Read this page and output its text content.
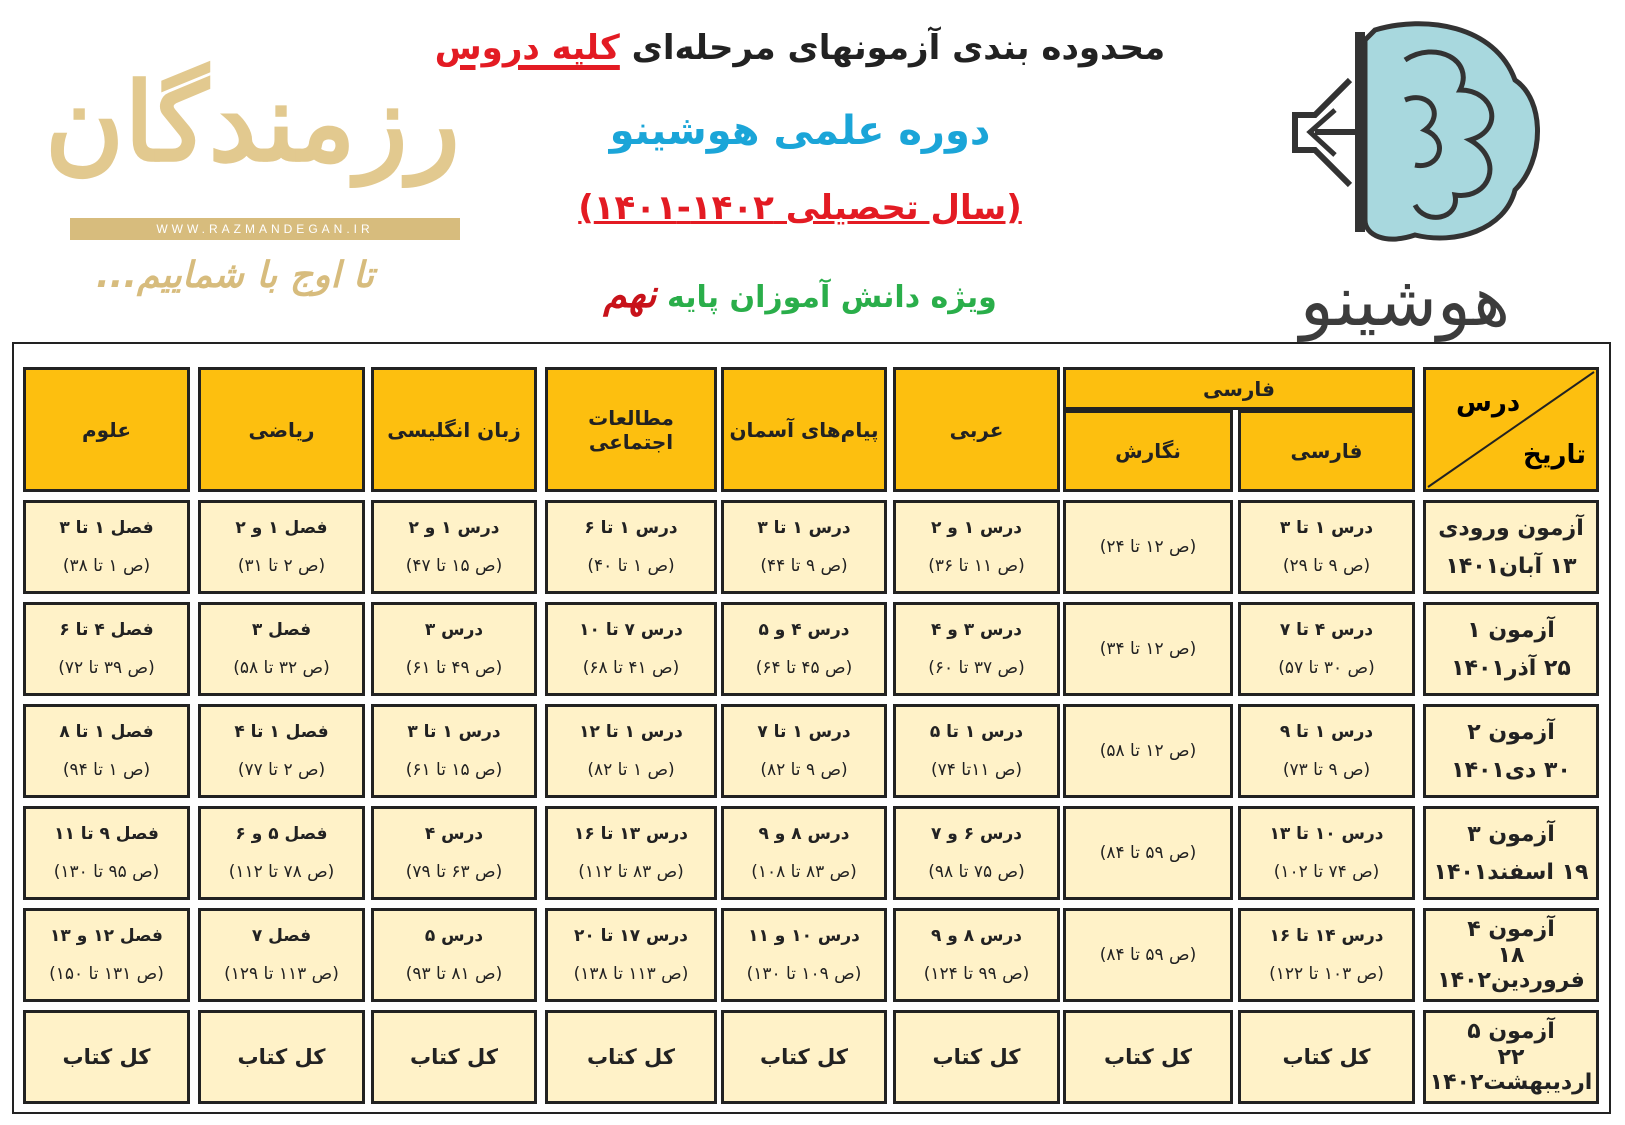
محدوده بندی آزمونهای مرحله‌ای کلیه دروس
دوره علمی هوشینو
(سال تحصیلی ۱۴۰۲-۱۴۰۱)
ویژه دانش آموزان پایه نهم
رزمندگان
WWW.RAZMANDEGAN.IR
تا اوج با شماییم...	هوشینو
درس
تاریخ
فارسی
فارسی
نگارش
عربی
پیام‌های آسمان
مطالعات اجتماعی
زبان انگلیسی
ریاضی
علوم
آزمون ورودی
۱۳ آبان۱۴۰۱
درس ۱ تا ۳
(ص ۹ تا ۲۹)
(ص ۱۲ تا ۲۴)
درس ۱ و ۲
(ص ۱۱ تا ۳۶)
درس ۱ تا ۳
(ص ۹ تا ۴۴)
درس ۱ تا ۶
(ص ۱ تا ۴۰)
درس ۱ و ۲
(ص ۱۵ تا ۴۷)
فصل ۱ و ۲
(ص ۲ تا ۳۱)
فصل ۱ تا ۳
(ص ۱ تا ۳۸)
آزمون ۱
۲۵ آذر۱۴۰۱
درس ۴ تا ۷
(ص ۳۰ تا ۵۷)
(ص ۱۲ تا ۳۴)
درس ۳ و ۴
(ص ۳۷ تا ۶۰)
درس ۴ و ۵
(ص ۴۵ تا ۶۴)
درس ۷ تا ۱۰
(ص ۴۱ تا ۶۸)
درس ۳
(ص ۴۹ تا ۶۱)
فصل ۳
(ص ۳۲ تا ۵۸)
فصل ۴ تا ۶
(ص ۳۹ تا ۷۲)
آزمون ۲
۳۰ دی۱۴۰۱
درس ۱ تا ۹
(ص ۹ تا ۷۳)
(ص ۱۲ تا ۵۸)
درس ۱ تا ۵
(ص ۱۱تا ۷۴)
درس ۱ تا ۷
(ص ۹ تا ۸۲)
درس ۱ تا ۱۲
(ص ۱ تا ۸۲)
درس ۱ تا ۳
(ص ۱۵ تا ۶۱)
فصل ۱ تا ۴
(ص ۲ تا ۷۷)
فصل ۱ تا ۸
(ص ۱ تا ۹۴)
آزمون ۳
۱۹ اسفند۱۴۰۱
درس ۱۰ تا ۱۳
(ص ۷۴ تا ۱۰۲)
(ص ۵۹ تا ۸۴)
درس ۶ و ۷
(ص ۷۵ تا ۹۸)
درس ۸ و ۹
(ص ۸۳ تا ۱۰۸)
درس ۱۳ تا ۱۶
(ص ۸۳ تا ۱۱۲)
درس ۴
(ص ۶۳ تا ۷۹)
فصل ۵ و ۶
(ص ۷۸ تا ۱۱۲)
فصل ۹ تا ۱۱
(ص ۹۵ تا ۱۳۰)
آزمون ۴
۱۸ فروردین۱۴۰۲
درس ۱۴ تا ۱۶
(ص ۱۰۳ تا ۱۲۲)
(ص ۵۹ تا ۸۴)
درس ۸ و ۹
(ص ۹۹ تا ۱۲۴)
درس ۱۰ و ۱۱
(ص ۱۰۹ تا ۱۳۰)
درس ۱۷ تا ۲۰
(ص ۱۱۳ تا ۱۳۸)
درس ۵
(ص ۸۱ تا ۹۳)
فصل ۷
(ص ۱۱۳ تا ۱۲۹)
فصل ۱۲ و ۱۳
(ص ۱۳۱ تا ۱۵۰)
آزمون ۵
۲۲ اردیبهشت۱۴۰۲
کل کتاب
کل کتاب
کل کتاب
کل کتاب
کل کتاب
کل کتاب
کل کتاب
کل کتاب
